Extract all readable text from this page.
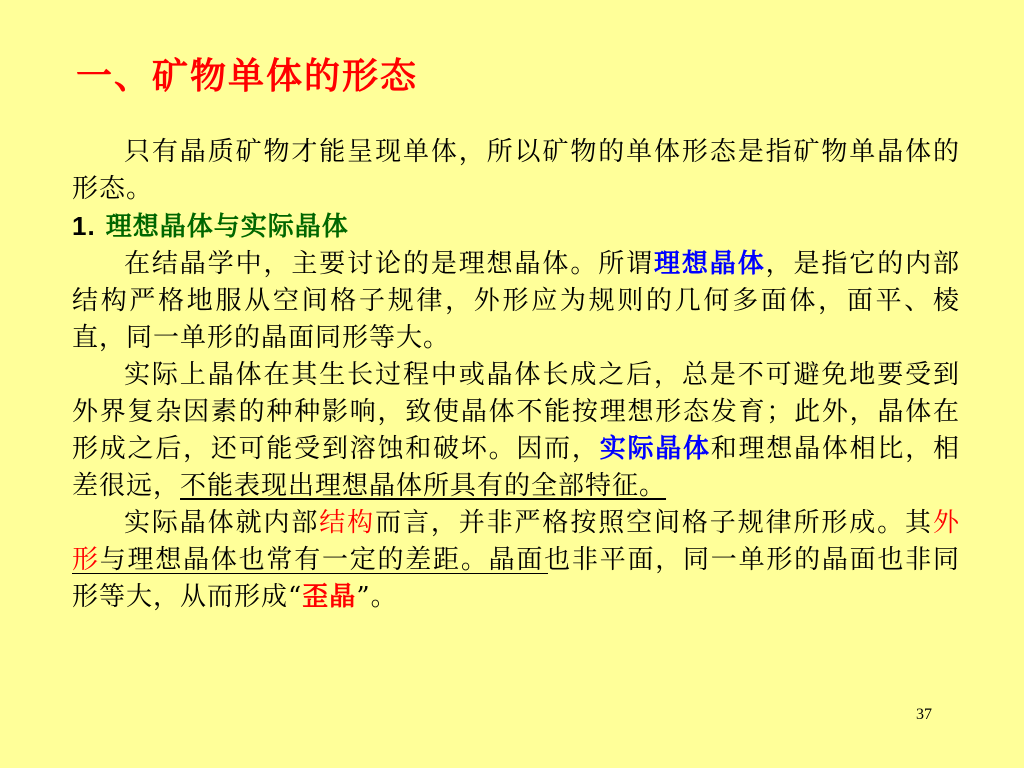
一、矿物单体的形态

只有晶质矿物才能呈现单体，所以矿物的单体形态是指矿物单晶体的形态。

1. 理想晶体与实际晶体

在结晶学中，主要讨论的是理想晶体。所谓理想晶体，是指它的内部结构严格地服从空间格子规律，外形应为规则的几何多面体，面平、棱直，同一单形的晶面同形等大。

实际上晶体在其生长过程中或晶体长成之后，总是不可避免地要受到外界复杂因素的种种影响，致使晶体不能按理想形态发育；此外，晶体在形成之后，还可能受到溶蚀和破坏。因而，实际晶体和理想晶体相比，相差很远，不能表现出理想晶体所具有的全部特征。

实际晶体就内部结构而言，并非严格按照空间格子规律所形成。其外形与理想晶体也常有一定的差距。晶面也非平面，同一单形的晶面也非同形等大，从而形成“歪晶”。

37
